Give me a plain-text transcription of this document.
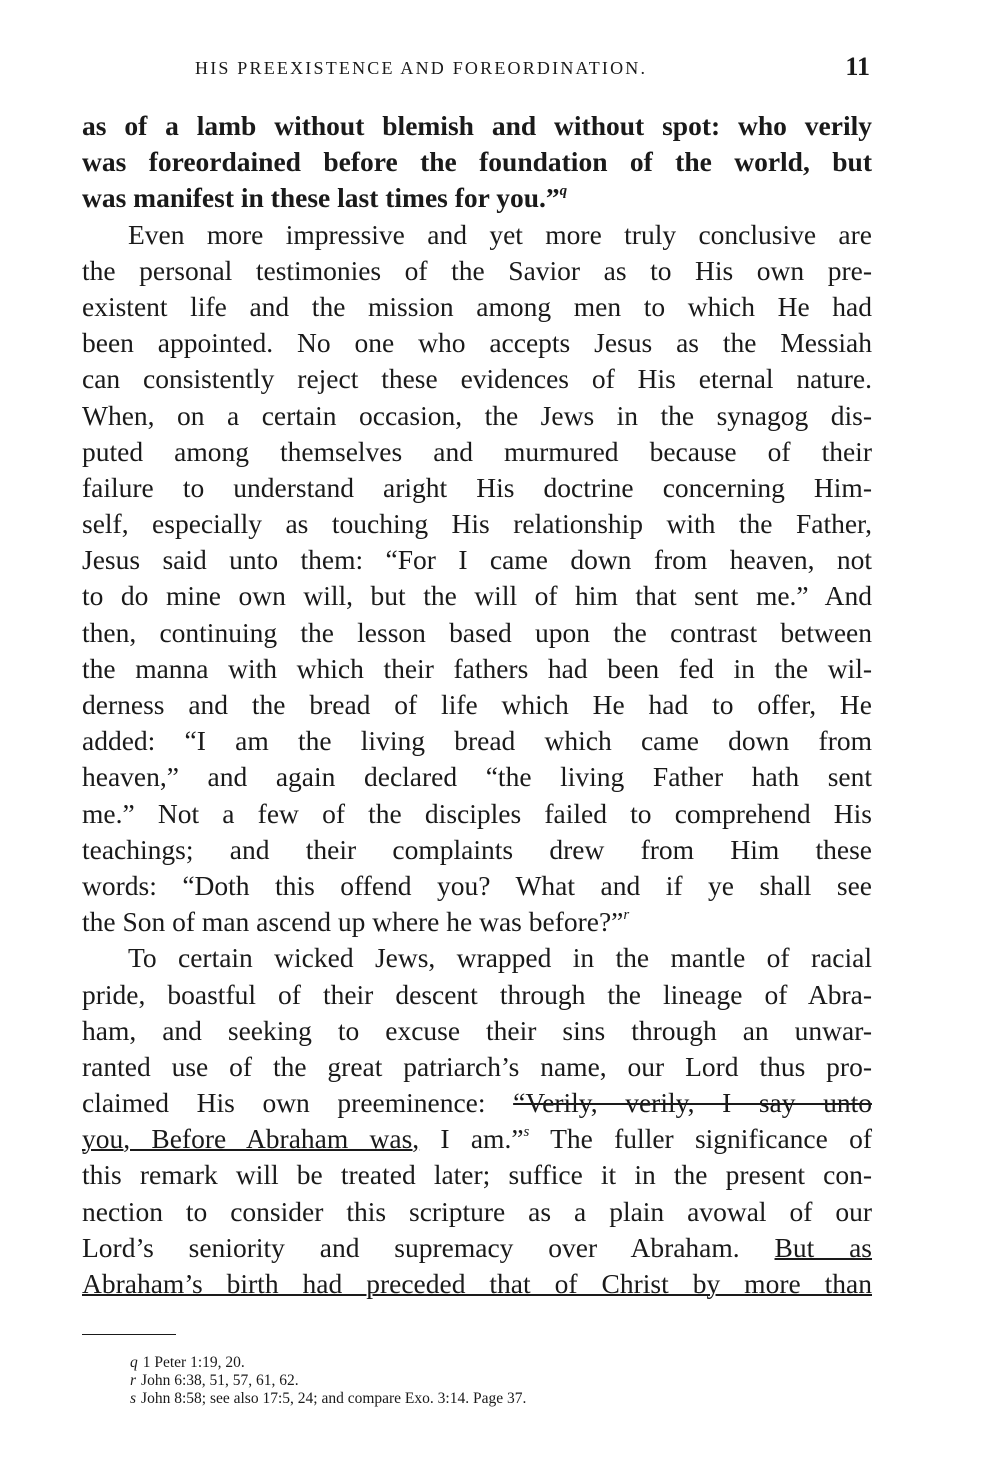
HIS PREEXISTENCE AND FOREORDINATION.	11
as of a lamb without blemish and without spot: who verily
was foreordained before the foundation of the world, but
was manifest in these last times for you.”$^q$
Even more impressive and yet more truly conclusive are
the personal testimonies of the Savior as to His own pre-
existent life and the mission among men to which He had
been appointed. No one who accepts Jesus as the Messiah
can consistently reject these evidences of His eternal nature.
When, on a certain occasion, the Jews in the synagog dis-
puted among themselves and murmured because of their
failure to understand aright His doctrine concerning Him-
self, especially as touching His relationship with the Father,
Jesus said unto them: “For I came down from heaven, not
to do mine own will, but the will of him that sent me.” And
then, continuing the lesson based upon the contrast between
the manna with which their fathers had been fed in the wil-
derness and the bread of life which He had to offer, He
added: “I am the living bread which came down from
heaven,” and again declared “the living Father hath sent
me.” Not a few of the disciples failed to comprehend His
teachings; and their complaints drew from Him these
words: “Doth this offend you? What and if ye shall see
the Son of man ascend up where he was before?”$^r$
To certain wicked Jews, wrapped in the mantle of racial
pride, boastful of their descent through the lineage of Abra-
ham, and seeking to excuse their sins through an unwar-
ranted use of the great patriarch’s name, our Lord thus pro-
claimed His own preeminence: “Verily, verily, I say unto
you, Before Abraham was, I am.”$^s$ The fuller significance of
this remark will be treated later; suffice it in the present con-
nection to consider this scripture as a plain avowal of our
Lord’s seniority and supremacy over Abraham. But as
Abraham’s birth had preceded that of Christ by more than
q 1 Peter 1:19, 20.
r John 6:38, 51, 57, 61, 62.
s John 8:58; see also 17:5, 24; and compare Exo. 3:14. Page 37.
